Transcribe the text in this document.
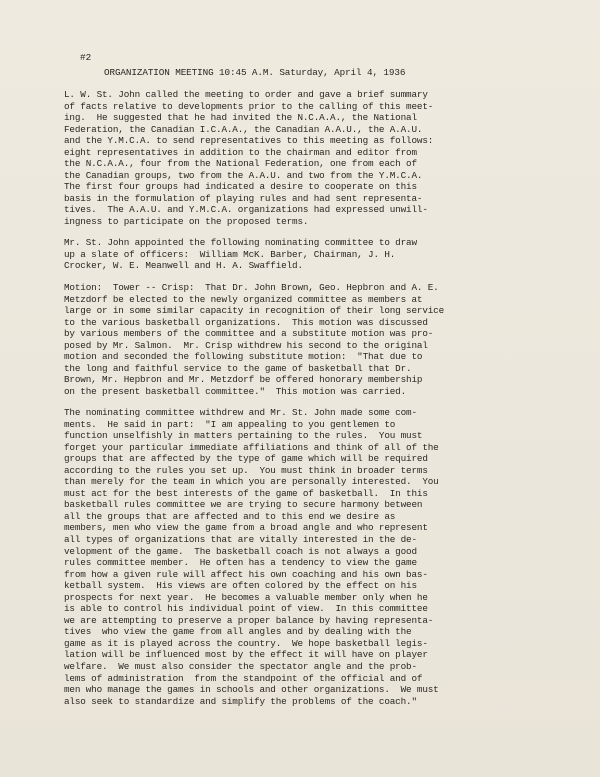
#2
ORGANIZATION MEETING 10:45 A.M. Saturday, April 4, 1936
L. W. St. John called the meeting to order and gave a brief summary
of facts relative to developments prior to the calling of this meet-
ing.  He suggested that he had invited the N.C.A.A., the National
Federation, the Canadian I.C.A.A., the Canadian A.A.U., the A.A.U.
and the Y.M.C.A. to send representatives to this meeting as follows:
eight representatives in addition to the chairman and editor from
the N.C.A.A., four from the National Federation, one from each of
the Canadian groups, two from the A.A.U. and two from the Y.M.C.A.
The first four groups had indicated a desire to cooperate on this
basis in the formulation of playing rules and had sent representa-
tives.  The A.A.U. and Y.M.C.A. organizations had expressed unwill-
ingness to participate on the proposed terms.
Mr. St. John appointed the following nominating committee to draw
up a slate of officers:  William McK. Barber, Chairman, J. H.
Crocker, W. E. Meanwell and H. A. Swaffield.
Motion:  Tower -- Crisp:  That Dr. John Brown, Geo. Hepbron and A. E.
Metzdorf be elected to the newly organized committee as members at
large or in some similar capacity in recognition of their long service
to the various basketball organizations.  This motion was discussed
by various members of the committee and a substitute motion was pro-
posed by Mr. Salmon.  Mr. Crisp withdrew his second to the original
motion and seconded the following substitute motion:  "That due to
the long and faithful service to the game of basketball that Dr.
Brown, Mr. Hepbron and Mr. Metzdorf be offered honorary membership
on the present basketball committee."  This motion was carried.
The nominating committee withdrew and Mr. St. John made some com-
ments.  He said in part:  "I am appealing to you gentlemen to
function unselfishly in matters pertaining to the rules.  You must
forget your particular immediate affiliations and think of all of the
groups that are affected by the type of game which will be required
according to the rules you set up.  You must think in broader terms
than merely for the team in which you are personally interested.  You
must act for the best interests of the game of basketball.  In this
basketball rules committee we are trying to secure harmony between
all the groups that are affected and to this end we desire as
members, men who view the game from a broad angle and who represent
all types of organizations that are vitally interested in the de-
velopment of the game.  The basketball coach is not always a good
rules committee member.  He often has a tendency to view the game
from how a given rule will affect his own coaching and his own bas-
ketball system.  His views are often colored by the effect on his
prospects for next year.  He becomes a valuable member only when he
is able to control his individual point of view.  In this committee
we are attempting to preserve a proper balance by having representa-
tives  who view the game from all angles and by dealing with the
game as it is played across the country.  We hope basketball legis-
lation will be influenced most by the effect it will have on player
welfare.  We must also consider the spectator angle and the prob-
lems of administration  from the standpoint of the official and of
men who manage the games in schools and other organizations.  We must
also seek to standardize and simplify the problems of the coach."
